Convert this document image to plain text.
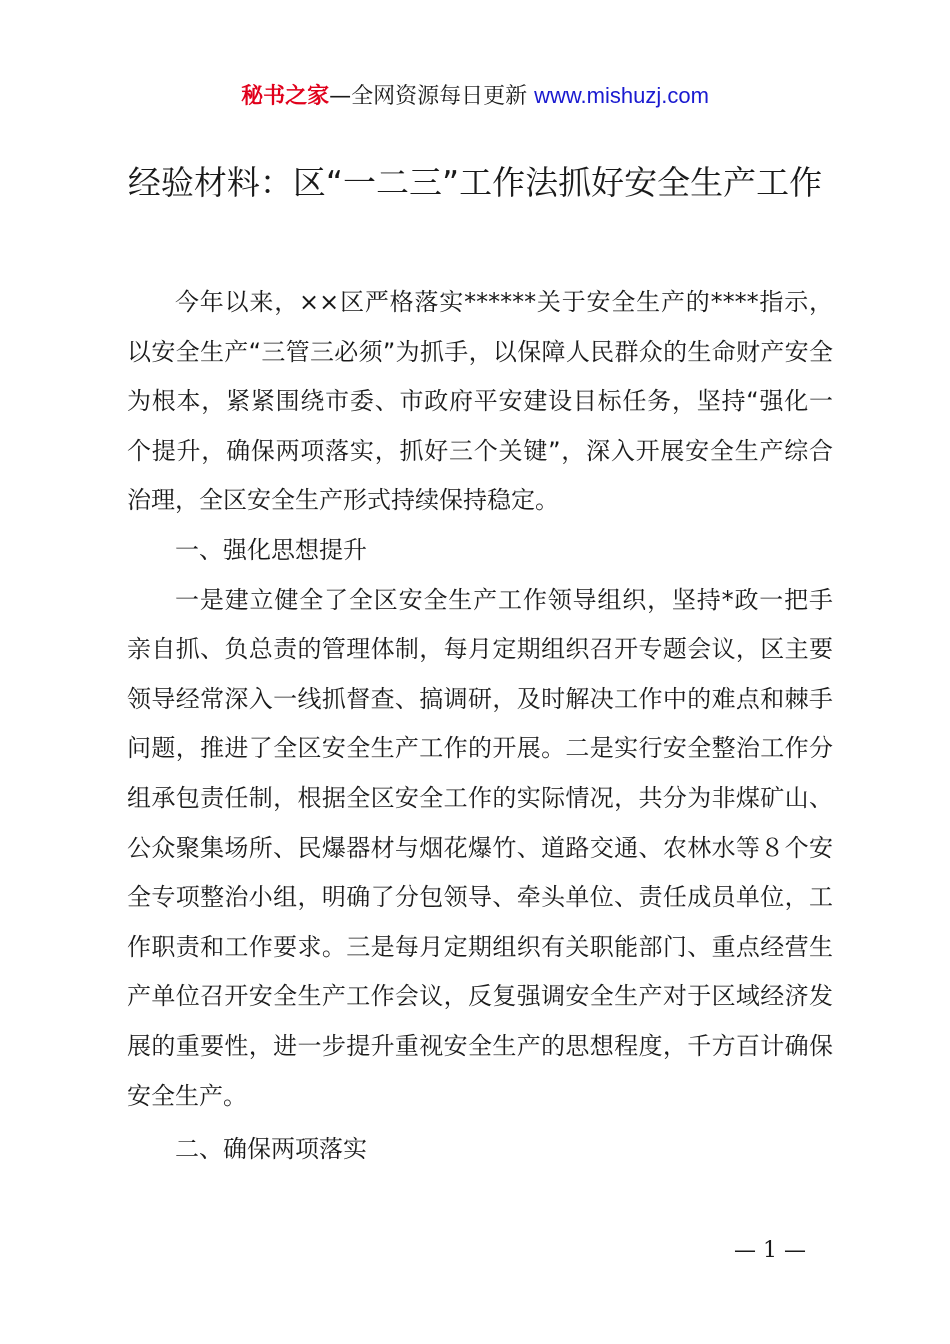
秘书之家—全网资源每日更新 www.mishuzj.com
经验材料：区“一二三”工作法抓好安全生产工作

今年以来，××区严格落实******关于安全生产的****指示，以安全生产“三管三必须”为抓手，以保障人民群众的生命财产安全为根本，紧紧围绕市委、市政府平安建设目标任务，坚持“强化一个提升，确保两项落实，抓好三个关键”，深入开展安全生产综合治理，全区安全生产形式持续保持稳定。

一、强化思想提升

一是建立健全了全区安全生产工作领导组织，坚持*政一把手亲自抓、负总责的管理体制，每月定期组织召开专题会议，区主要领导经常深入一线抓督查、搞调研，及时解决工作中的难点和棘手问题，推进了全区安全生产工作的开展。二是实行安全整治工作分组承包责任制，根据全区安全工作的实际情况，共分为非煤矿山、公众聚集场所、民爆器材与烟花爆竹、道路交通、农林水等８个安全专项整治小组，明确了分包领导、牵头单位、责任成员单位，工作职责和工作要求。三是每月定期组织有关职能部门、重点经营生产单位召开安全生产工作会议，反复强调安全生产对于区域经济发展的重要性，进一步提升重视安全生产的思想程度，千方百计确保安全生产。

二、确保两项落实

— 1 —
